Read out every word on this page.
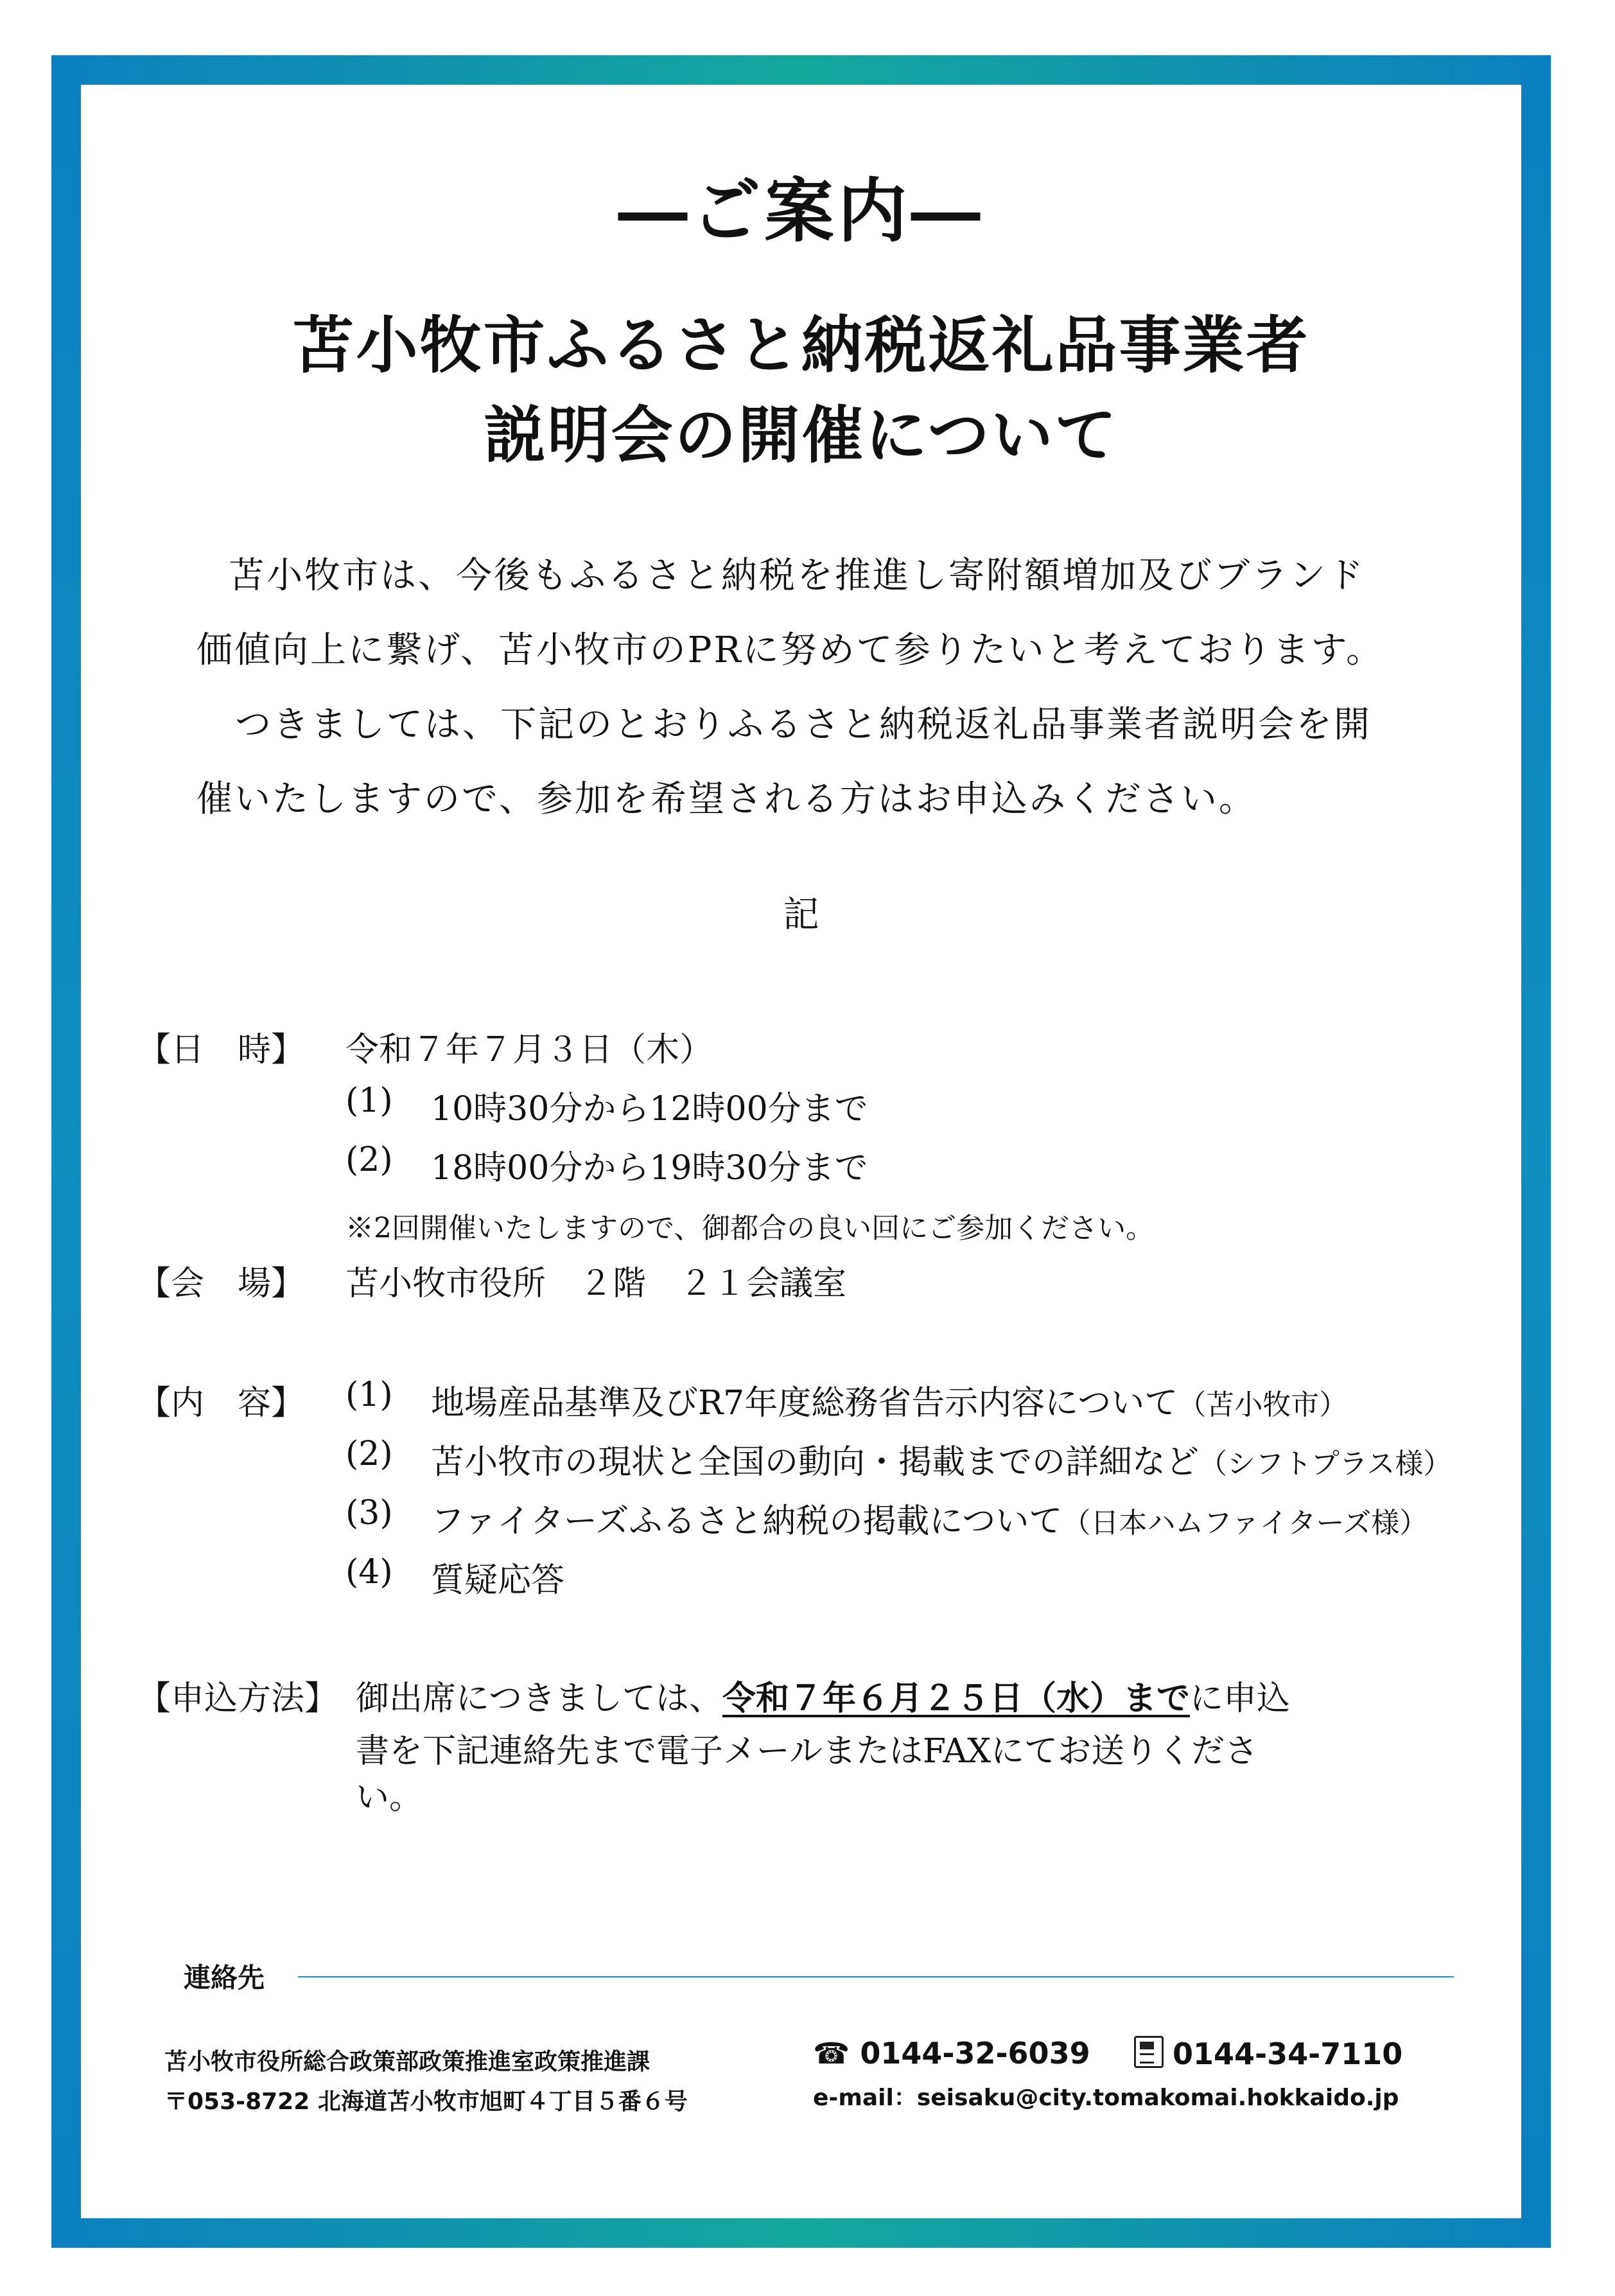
―ご案内―
苫小牧市ふるさと納税返礼品事業者
説明会の開催について
苫小牧市は、今後もふるさと納税を推進し寄附額増加及びブランド
価値向上に繋げ、苫小牧市のPRに努めて参りたいと考えております。
つきましては、下記のとおりふるさと納税返礼品事業者説明会を開
催いたしますので、参加を希望される方はお申込みください。
記
【日　時】 令和７年７月３日（木）
(1) 10時30分から12時00分まで
(2) 18時00分から19時30分まで
※2回開催いたしますので、御都合の良い回にご参加ください。
【会　場】 苫小牧市役所　２階　２１会議室
【内　容】 (1) 地場産品基準及びR7年度総務省告示内容について（苫小牧市）
(2) 苫小牧市の現状と全国の動向・掲載までの詳細など（シフトプラス様）
(3) ファイターズふるさと納税の掲載について（日本ハムファイターズ様）
(4) 質疑応答
【申込方法】 御出席につきましては、令和７年６月２５日（水）までに申込
書を下記連絡先まで電子メールまたはFAXにてお送りくださ
い。
連絡先
苫小牧市役所総合政策部政策推進室政策推進課
〒053-8722 北海道苫小牧市旭町４丁目５番６号
☎ 0144-32-6039	0144-34-7110
e-mail：seisaku@city.tomakomai.hokkaido.jp
